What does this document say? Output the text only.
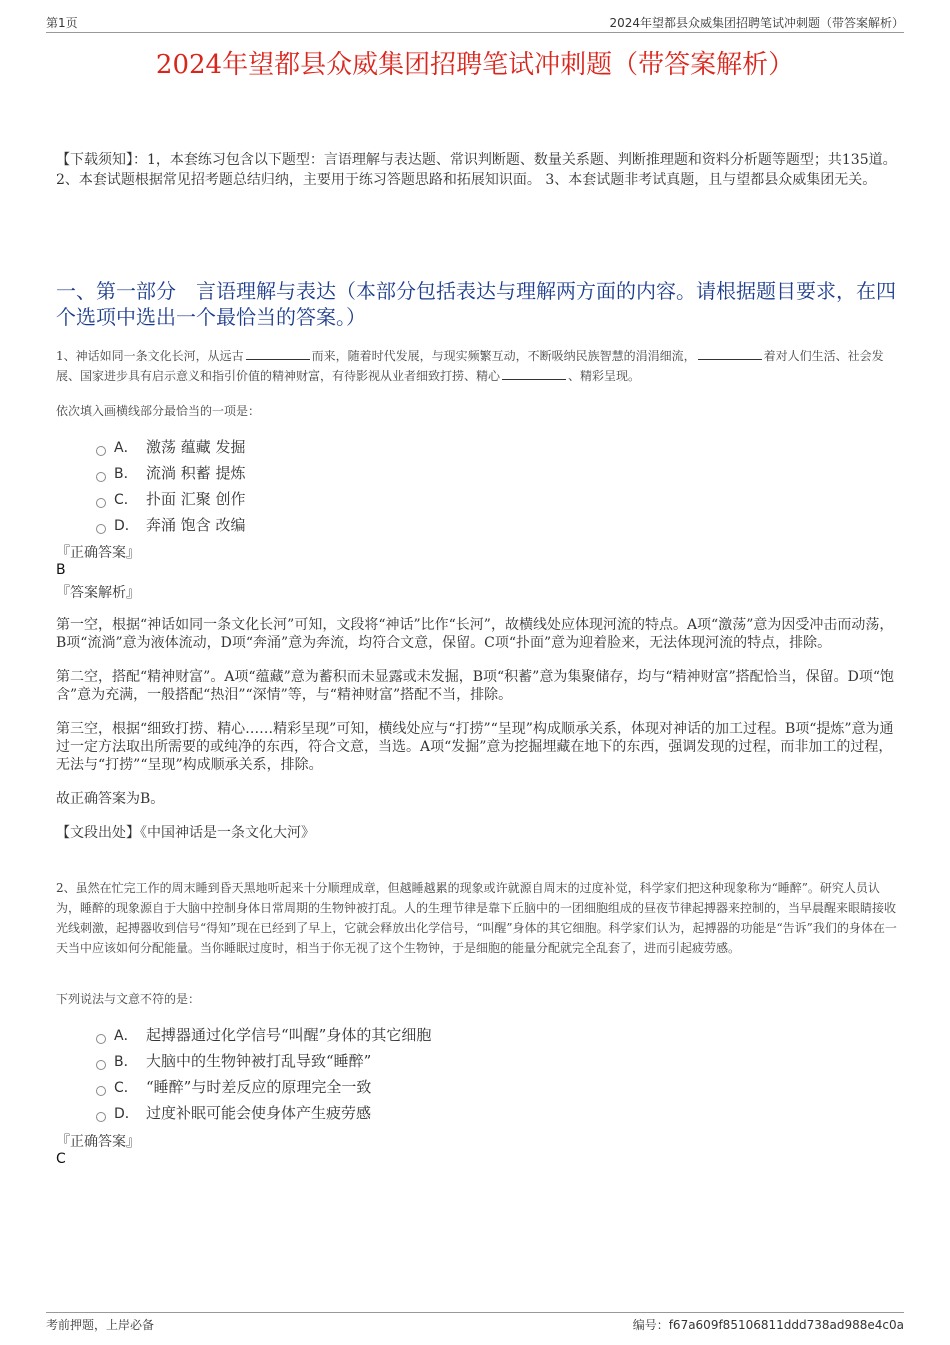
第1页	2024年望都县众威集团招聘笔试冲刺题（带答案解析）
2024年望都县众威集团招聘笔试冲刺题（带答案解析）
【下载须知】：1，本套练习包含以下题型：言语理解与表达题、常识判断题、数量关系题、判断推理题和资料分析题等题型；共135道。 2、本套试题根据常见招考题总结归纳，主要用于练习答题思路和拓展知识面。 3、本套试题非考试真题，且与望都县众威集团无关。
一、第一部分　言语理解与表达（本部分包括表达与理解两方面的内容。请根据题目要求，在四个选项中选出一个最恰当的答案。）
1、神话如同一条文化长河，从远古	而来，随着时代发展，与现实频繁互动，不断吸纳民族智慧的涓涓细流，	着对人们生活、社会发展、国家进步具有启示意义和指引价值的精神财富，有待影视从业者细致打捞、精心	、精彩呈现。
依次填入画横线部分最恰当的一项是：
A． 激荡 蕴藏 发掘
B． 流淌 积蓄 提炼
C． 扑面 汇聚 创作
D． 奔涌 饱含 改编
『正确答案』
B
『答案解析』

第一空，根据“神话如同一条文化长河”可知，文段将“神话”比作“长河”，故横线处应体现河流的特点。A项“激荡”意为因受冲击而动荡，B项“流淌”意为液体流动，D项“奔涌”意为奔流，均符合文意，保留。C项“扑面”意为迎着脸来，无法体现河流的特点，排除。

第二空，搭配“精神财富”。A项“蕴藏”意为蓄积而未显露或未发掘，B项“积蓄”意为集聚储存，均与“精神财富”搭配恰当，保留。D项“饱含”意为充满，一般搭配“热泪”“深情”等，与“精神财富”搭配不当，排除。

第三空，根据“细致打捞、精心……精彩呈现”可知，横线处应与“打捞”“呈现”构成顺承关系，体现对神话的加工过程。B项“提炼”意为通过一定方法取出所需要的或纯净的东西，符合文意，当选。A项“发掘”意为挖掘埋藏在地下的东西，强调发现的过程，而非加工的过程，无法与“打捞”“呈现”构成顺承关系，排除。

故正确答案为B。

【文段出处】《中国神话是一条文化大河》

2、虽然在忙完工作的周末睡到昏天黑地听起来十分顺理成章，但越睡越累的现象或许就源自周末的过度补觉，科学家们把这种现象称为“睡醉”。研究人员认为，睡醉的现象源自于大脑中控制身体日常周期的生物钟被打乱。人的生理节律是靠下丘脑中的一团细胞组成的昼夜节律起搏器来控制的，当早晨醒来眼睛接收光线刺激，起搏器收到信号“得知”现在已经到了早上，它就会释放出化学信号，“叫醒”身体的其它细胞。科学家们认为，起搏器的功能是“告诉”我们的身体在一天当中应该如何分配能量。当你睡眠过度时，相当于你无视了这个生物钟，于是细胞的能量分配就完全乱套了，进而引起疲劳感。
下列说法与文意不符的是：
A． 起搏器通过化学信号“叫醒”身体的其它细胞
B． 大脑中的生物钟被打乱导致“睡醉”
C． “睡醉”与时差反应的原理完全一致
D． 过度补眠可能会使身体产生疲劳感
『正确答案』
C
考前押题，上岸必备	编号：f67a609f85106811ddd738ad988e4c0a
